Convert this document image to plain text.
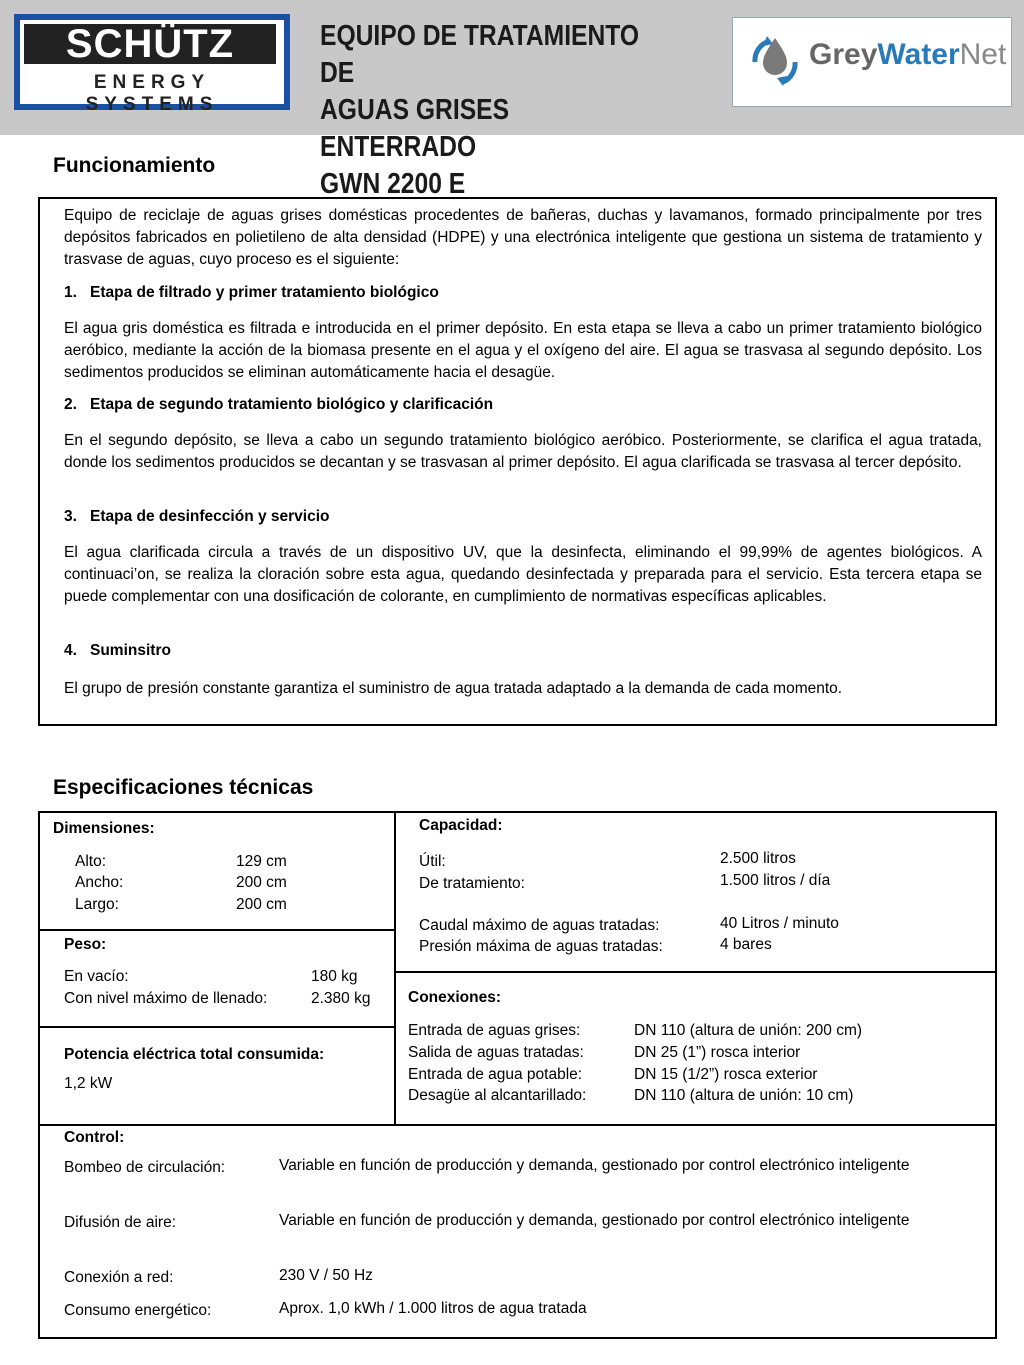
SCHÜTZ
ENERGY SYSTEMS
EQUIPO DE TRATAMIENTO DE
AGUAS GRISES ENTERRADO
GWN 2200 E
GreyWaterNet
Funcionamiento
Equipo de reciclaje de aguas grises domésticas procedentes de bañeras, duchas y lavamanos, formado principalmente por tres depósitos fabricados en polietileno de alta densidad (HDPE) y una electrónica inteligente que gestiona un sistema de tratamiento y trasvase de aguas, cuyo proceso es el siguiente:
1. Etapa de filtrado y primer tratamiento biológico
El agua gris doméstica es filtrada e introducida en el primer depósito. En esta etapa se lleva a cabo un primer tratamiento biológico aeróbico, mediante la acción de la biomasa presente en el agua y el oxígeno del aire. El agua se trasvasa al segundo depósito. Los sedimentos producidos se eliminan automáticamente hacia el desagüe.
2. Etapa de segundo tratamiento biológico y clarificación
En el segundo depósito, se lleva a cabo un segundo tratamiento biológico aeróbico. Posteriormente, se clarifica el agua tratada, donde los sedimentos producidos se decantan y se trasvasan al primer depósito. El agua clarificada se trasvasa al tercer depósito.
3. Etapa de desinfección y servicio
El agua clarificada circula a través de un dispositivo UV, que la desinfecta, eliminando el 99,99% de agentes biológicos. A continuaci’on, se realiza la cloración sobre esta agua, quedando desinfectada y preparada para el servicio. Esta tercera etapa se puede complementar con una dosificación de colorante, en cumplimiento de normativas específicas aplicables.
4. Suminsitro
El grupo de presión constante garantiza el suministro de agua tratada adaptado a la demanda de cada momento.
Especificaciones técnicas
Dimensiones:
Alto:	129 cm
Ancho:	200 cm
Largo:	200 cm
Peso:
En vacío:	180 kg
Con nivel máximo de llenado:	2.380 kg
Potencia eléctrica total consumida:
1,2 kW
Capacidad:
Útil:	2.500 litros
De tratamiento:	1.500 litros / día
Caudal máximo de aguas tratadas:	40 Litros / minuto
Presión máxima de aguas tratadas:	4 bares
Conexiones:
Entrada de aguas grises:	DN 110 (altura de unión: 200 cm)
Salida de aguas tratadas:	DN 25 (1”) rosca interior
Entrada de agua potable:	DN 15 (1/2”) rosca exterior
Desagüe al alcantarillado:	DN 110 (altura de unión: 10 cm)
Control:
Bombeo de circulación:	Variable en función de producción y demanda, gestionado por control electrónico inteligente
Difusión de aire:	Variable en función de producción y demanda, gestionado por control electrónico inteligente
Conexión a red:	230 V / 50 Hz
Consumo energético:	Aprox. 1,0 kWh / 1.000 litros de agua tratada
